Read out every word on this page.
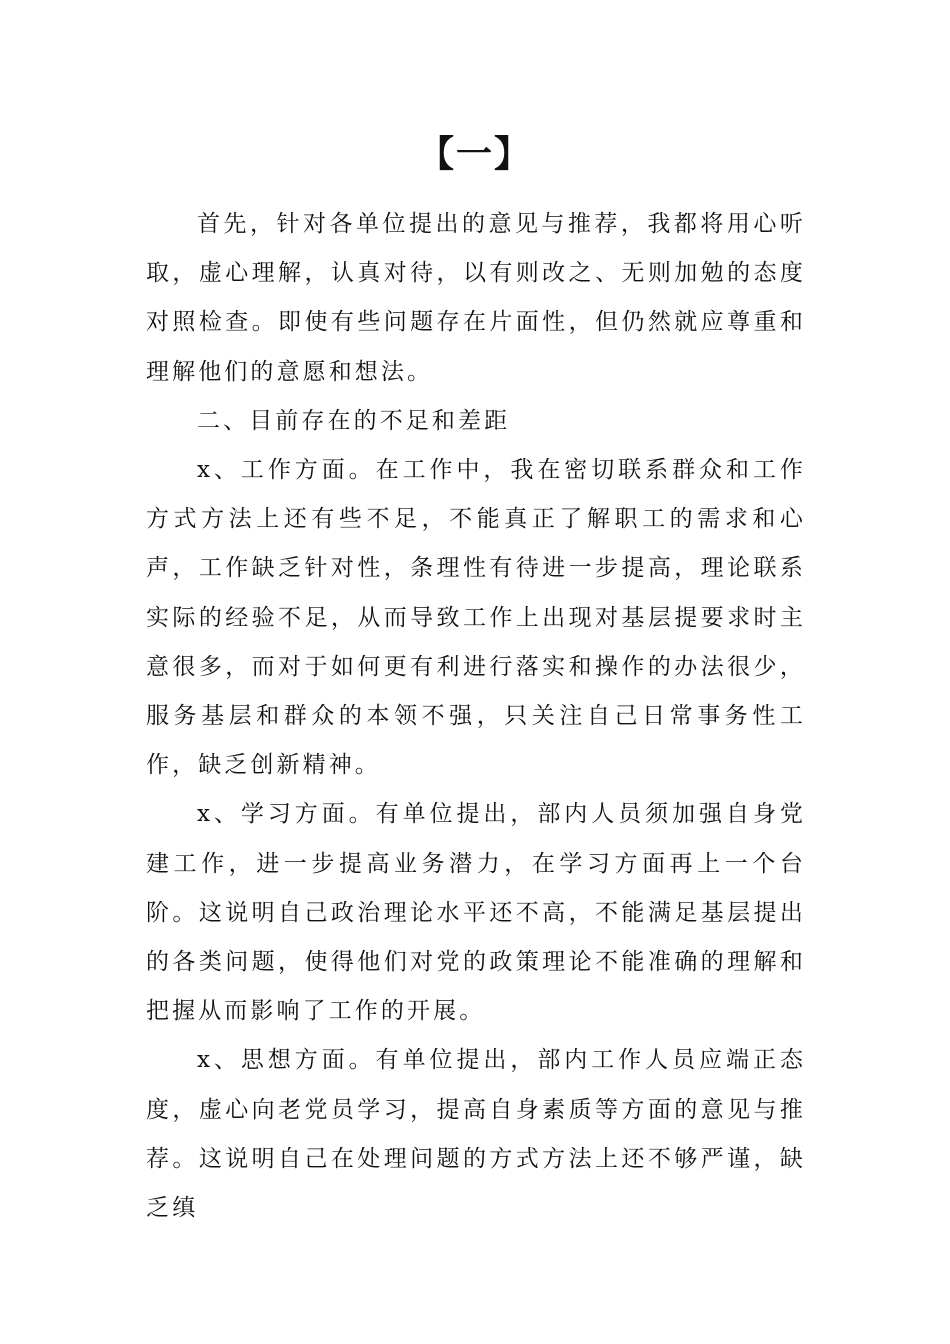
【一】

首先，针对各单位提出的意见与推荐，我都将用心听取，虚心理解，认真对待，以有则改之、无则加勉的态度对照检查。即使有些问题存在片面性，但仍然就应尊重和理解他们的意愿和想法。

二、目前存在的不足和差距

x、工作方面。在工作中，我在密切联系群众和工作方式方法上还有些不足，不能真正了解职工的需求和心声，工作缺乏针对性，条理性有待进一步提高，理论联系实际的经验不足，从而导致工作上出现对基层提要求时主意很多，而对于如何更有利进行落实和操作的办法很少，服务基层和群众的本领不强，只关注自己日常事务性工作，缺乏创新精神。

x、学习方面。有单位提出，部内人员须加强自身党建工作，进一步提高业务潜力，在学习方面再上一个台阶。这说明自己政治理论水平还不高，不能满足基层提出的各类问题，使得他们对党的政策理论不能准确的理解和把握从而影响了工作的开展。

x、思想方面。有单位提出，部内工作人员应端正态度，虚心向老党员学习，提高自身素质等方面的意见与推荐。这说明自己在处理问题的方式方法上还不够严谨，缺乏缜
